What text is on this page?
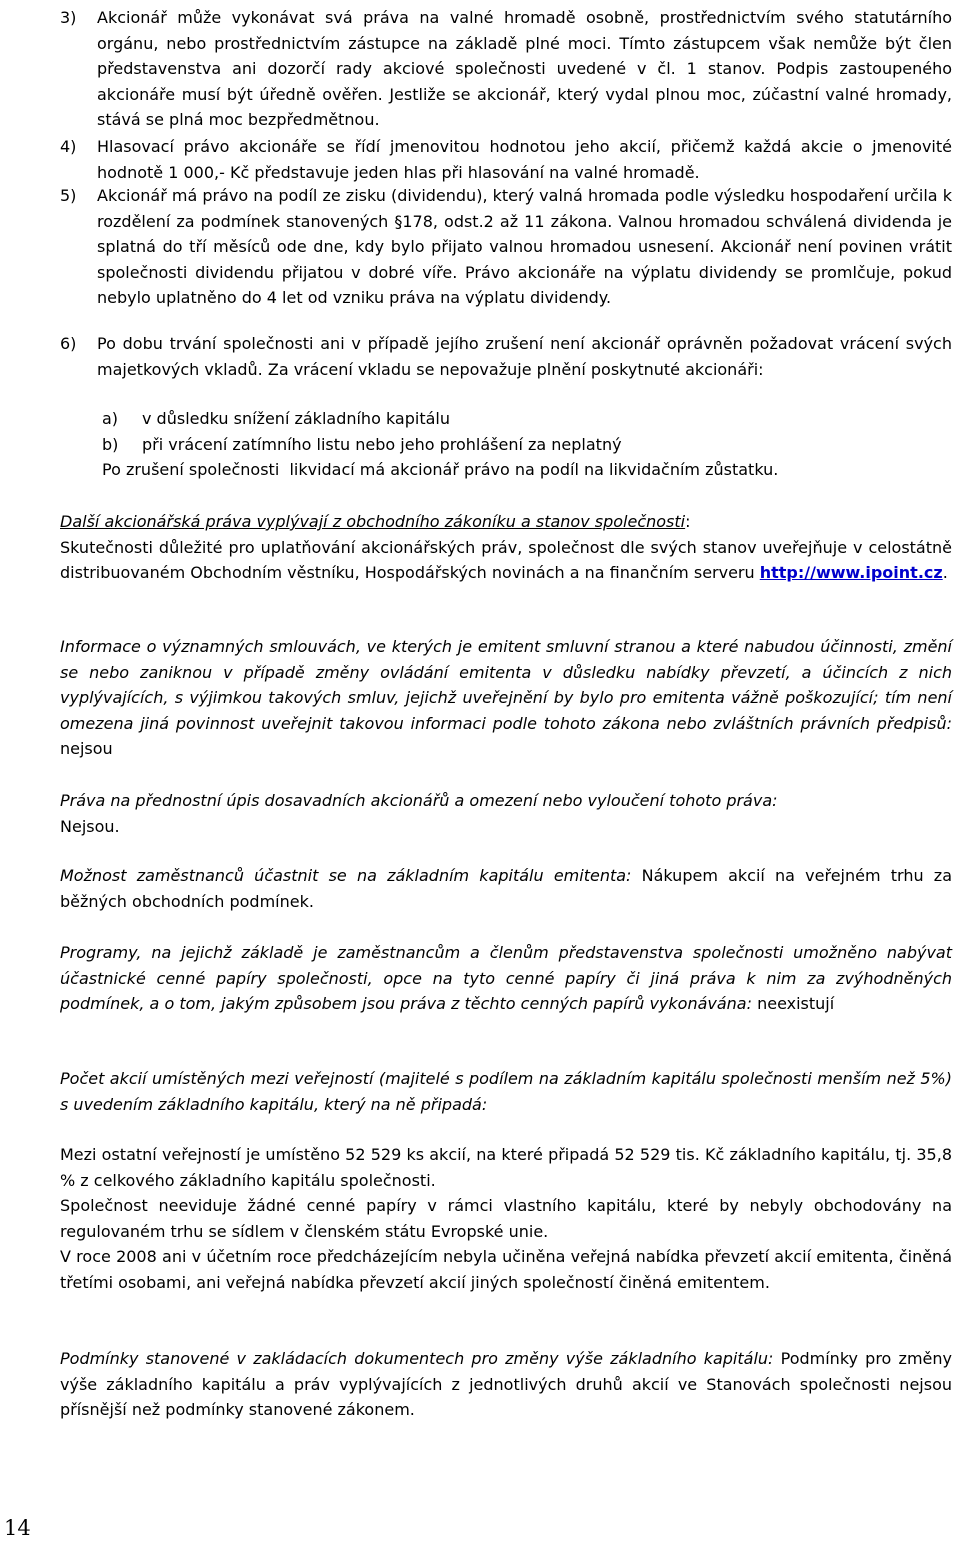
3) Akcionář může vykonávat svá práva na valné hromadě osobně, prostřednictvím svého statutárního orgánu, nebo prostřednictvím zástupce na základě plné moci. Tímto zástupcem však nemůže být člen představenstva ani dozorčí rady akciové společnosti uvedené v čl. 1 stanov. Podpis zastoupeného akcionáře musí být úředně ověřen. Jestliže se akcionář, který vydal plnou moc, zúčastní valné hromady, stává se plná moc bezpředmětnou.

4) Hlasovací právo akcionáře se řídí jmenovitou hodnotou jeho akcií, přičemž každá akcie o jmenovité hodnotě 1 000,- Kč představuje jeden hlas při hlasování na valné hromadě.

5) Akcionář má právo na podíl ze zisku (dividendu), který valná hromada podle výsledku hospodaření určila k rozdělení za podmínek stanovených §178, odst.2 až 11 zákona. Valnou hromadou schválená dividenda je splatná do tří měsíců ode dne, kdy bylo přijato valnou hromadou usnesení. Akcionář není povinen vrátit společnosti dividendu přijatou v dobré víře. Právo akcionáře na výplatu dividendy se promlčuje, pokud nebylo uplatněno do 4 let od vzniku práva na výplatu dividendy.

6) Po dobu trvání společnosti ani v případě jejího zrušení není akcionář oprávněn požadovat vrácení svých majetkových vkladů. Za vrácení vkladu se nepovažuje plnění poskytnuté akcionáři:

a) v důsledku snížení základního kapitálu
b) při vrácení zatímního listu nebo jeho prohlášení za neplatný
Po zrušení společnosti  likvidací má akcionář právo na podíl na likvidačním zůstatku.

Další akcionářská práva vyplývají z obchodního zákoníku a stanov společnosti:
Skutečnosti důležité pro uplatňování akcionářských práv, společnost dle svých stanov uveřejňuje v celostátně distribuovaném Obchodním věstníku, Hospodářských novinách a na finančním serveru http://www.ipoint.cz.

Informace o významných smlouvách, ve kterých je emitent smluvní stranou a které nabudou účinnosti, změní se nebo zaniknou v případě změny ovládání emitenta v důsledku nabídky převzetí, a účincích z nich vyplývajících, s výjimkou takových smluv, jejichž uveřejnění by bylo pro emitenta vážně poškozující; tím není omezena jiná povinnost uveřejnit takovou informaci podle tohoto zákona nebo zvláštních právních předpisů: nejsou

Práva na přednostní úpis dosavadních akcionářů a omezení nebo vyloučení tohoto práva:
Nejsou.

Možnost zaměstnanců účastnit se na základním kapitálu emitenta: Nákupem akcií na veřejném trhu za běžných obchodních podmínek.

Programy, na jejichž základě je zaměstnancům a členům představenstva společnosti umožněno nabývat účastnické cenné papíry společnosti, opce na tyto cenné papíry či jiná práva k nim za zvýhodněných podmínek, a o tom, jakým způsobem jsou práva z těchto cenných papírů vykonávána: neexistují

Počet akcií umístěných mezi veřejností (majitelé s podílem na základním kapitálu společnosti menším než 5%) s uvedením základního kapitálu, který na ně připadá:

Mezi ostatní veřejností je umístěno 52 529 ks akcií, na které připadá 52 529 tis. Kč základního kapitálu, tj. 35,8 % z celkového základního kapitálu společnosti.

Společnost neeviduje žádné cenné papíry v rámci vlastního kapitálu, které by nebyly obchodovány na regulovaném trhu se sídlem v členském státu Evropské unie.

V roce 2008 ani v účetním roce předcházejícím nebyla učiněna veřejná nabídka převzetí akcií emitenta, činěná třetími osobami, ani veřejná nabídka převzetí akcií jiných společností činěná emitentem.

Podmínky stanovené v zakládacích dokumentech pro změny výše základního kapitálu: Podmínky pro změny výše základního kapitálu a práv vyplývajících z jednotlivých druhů akcií ve Stanovách společnosti nejsou přísnější než podmínky stanovené zákonem.

14
